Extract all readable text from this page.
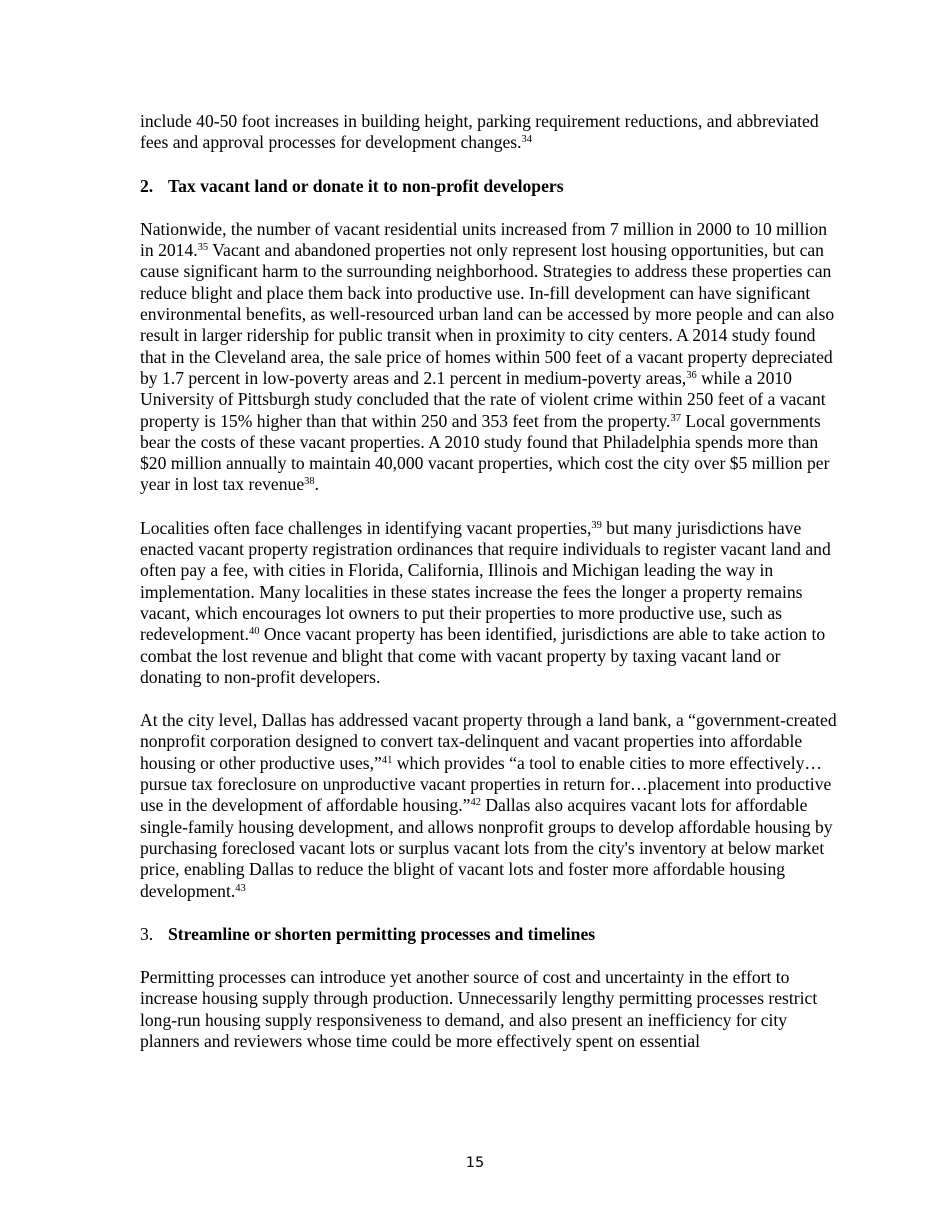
include 40-50 foot increases in building height, parking requirement reductions, and abbreviated fees and approval processes for development changes.$^{34}$

2. Tax vacant land or donate it to non-profit developers

Nationwide, the number of vacant residential units increased from 7 million in 2000 to 10 million in 2014.35 Vacant and abandoned properties not only represent lost housing opportunities, but can cause significant harm to the surrounding neighborhood. Strategies to address these properties can reduce blight and place them back into productive use. In-fill development can have significant environmental benefits, as well-resourced urban land can be accessed by more people and can also result in larger ridership for public transit when in proximity to city centers. A 2014 study found that in the Cleveland area, the sale price of homes within 500 feet of a vacant property depreciated by 1.7 percent in low-poverty areas and 2.1 percent in medium-poverty areas,$^{36}$ while a 2010 University of Pittsburgh study concluded that the rate of violent crime within 250 feet of a vacant property is 15% higher than that within 250 and 353 feet from the property.$^{37}$ Local governments bear the costs of these vacant properties. A 2010 study found that Philadelphia spends more than $20 million annually to maintain 40,000 vacant properties, which cost the city over $5 million per year in lost tax revenue$^{38}$.

Localities often face challenges in identifying vacant properties,$^{39}$ but many jurisdictions have enacted vacant property registration ordinances that require individuals to register vacant land and often pay a fee, with cities in Florida, California, Illinois and Michigan leading the way in implementation. Many localities in these states increase the fees the longer a property remains vacant, which encourages lot owners to put their properties to more productive use, such as redevelopment.$^{40}$ Once vacant property has been identified, jurisdictions are able to take action to combat the lost revenue and blight that come with vacant property by taxing vacant land or donating to non-profit developers.

At the city level, Dallas has addressed vacant property through a land bank, a “government-created nonprofit corporation designed to convert tax-delinquent and vacant properties into affordable housing or other productive uses,”$^{41}$ which provides “a tool to enable cities to more effectively…pursue tax foreclosure on unproductive vacant properties in return for…placement into productive use in the development of affordable housing.”$^{42}$ Dallas also acquires vacant lots for affordable single-family housing development, and allows nonprofit groups to develop affordable housing by purchasing foreclosed vacant lots or surplus vacant lots from the city's inventory at below market price, enabling Dallas to reduce the blight of vacant lots and foster more affordable housing development.$^{43}$

3. Streamline or shorten permitting processes and timelines

Permitting processes can introduce yet another source of cost and uncertainty in the effort to increase housing supply through production. Unnecessarily lengthy permitting processes restrict long-run housing supply responsiveness to demand, and also present an inefficiency for city planners and reviewers whose time could be more effectively spent on essential

15
